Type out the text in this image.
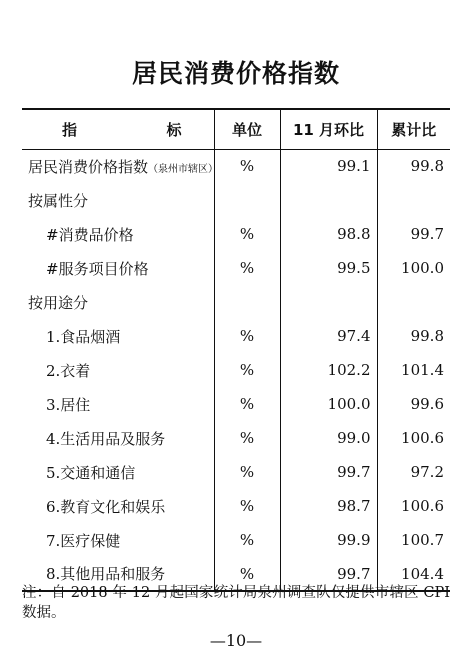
居民消费价格指数
指 标	单位	11 月环比	累计比
居民消费价格指数（泉州市辖区）	%	99.1	99.8
按属性分			
#消费品价格	%	98.8	99.7
#服务项目价格	%	99.5	100.0
按用途分			
1.食品烟酒	%	97.4	99.8
2.衣着	%	102.2	101.4
3.居住	%	100.0	99.6
4.生活用品及服务	%	99.0	100.6
5.交通和通信	%	99.7	97.2
6.教育文化和娱乐	%	98.7	100.6
7.医疗保健	%	99.9	100.7
8.其他用品和服务	%	99.7	104.4
注：自 2018 年 12 月起国家统计局泉州调查队仅提供市辖区 CPI 数据。
—10—
